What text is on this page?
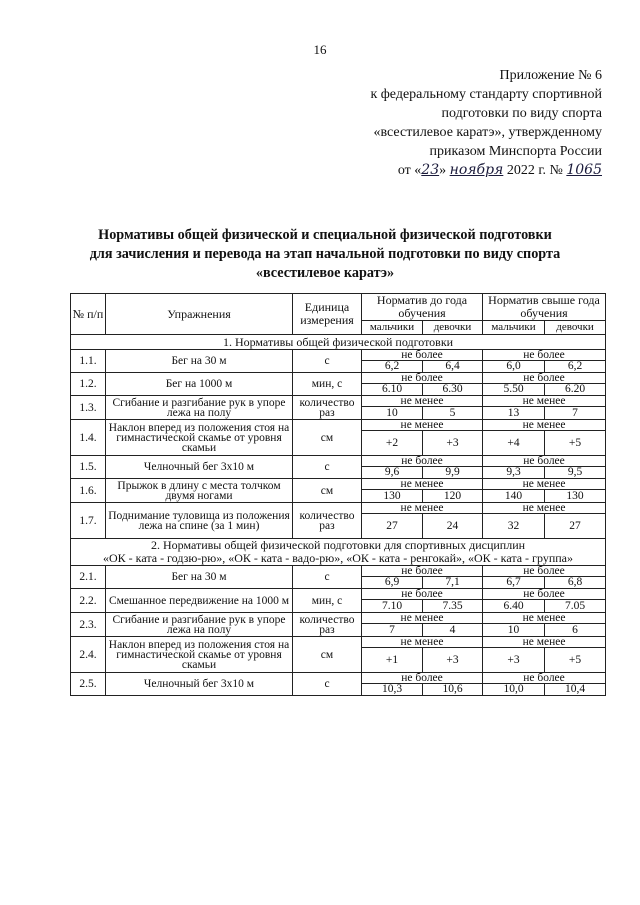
16
Приложение № 6
к федеральному стандарту спортивной
подготовки по виду спорта
«всестилевое каратэ», утвержденному
приказом Минспорта России
от «23» ноября 2022 г. № 1065
Нормативы общей физической и специальной физической подготовки
для зачисления и перевода на этап начальной подготовки по виду спорта
«всестилевое каратэ»
№ п/п	Упражнения	Единица измерения	Норматив до года обучения		Норматив свыше года обучения	
			мальчики	девочки	мальчики	девочки
1. Нормативы общей физической подготовки						
1.1.	Бег на 30 м	с	не более		не более	
			6,2	6,4	6,0	6,2
1.2.	Бег на 1000 м	мин, с	не более		не более	
			6.10	6.30	5.50	6.20
1.3.	Сгибание и разгибание рук в упоре лежа на полу	количество раз	не менее		не менее	
			10	5	13	7
1.4.	Наклон вперед из положения стоя на гимнастической скамье от уровня скамьи	см	не менее		не менее	
			+2	+3	+4	+5
1.5.	Челночный бег 3х10 м	с	не более		не более	
			9,6	9,9	9,3	9,5
1.6.	Прыжок в длину с места толчком двумя ногами	см	не менее		не менее	
			130	120	140	130
1.7.	Поднимание туловища из положения лежа на спине (за 1 мин)	количество раз	не менее		не менее	
			27	24	32	27
2. Нормативы общей физической подготовки для спортивных дисциплин
«ОК - ката - годзю-рю», «ОК - ката - вадо-рю», «ОК - ката - ренгокай», «ОК - ката - группа»						
2.1.	Бег на 30 м	с	не более		не более	
			6,9	7,1	6,7	6,8
2.2.	Смешанное передвижение на 1000 м	мин, с	не более		не более	
			7.10	7.35	6.40	7.05
2.3.	Сгибание и разгибание рук в упоре лежа на полу	количество раз	не менее		не менее	
			7	4	10	6
2.4.	Наклон вперед из положения стоя на гимнастической скамье от уровня скамьи	см	не менее		не менее	
			+1	+3	+3	+5
2.5.	Челночный бег 3х10 м	с	не более		не более	
			10,3	10,6	10,0	10,4
